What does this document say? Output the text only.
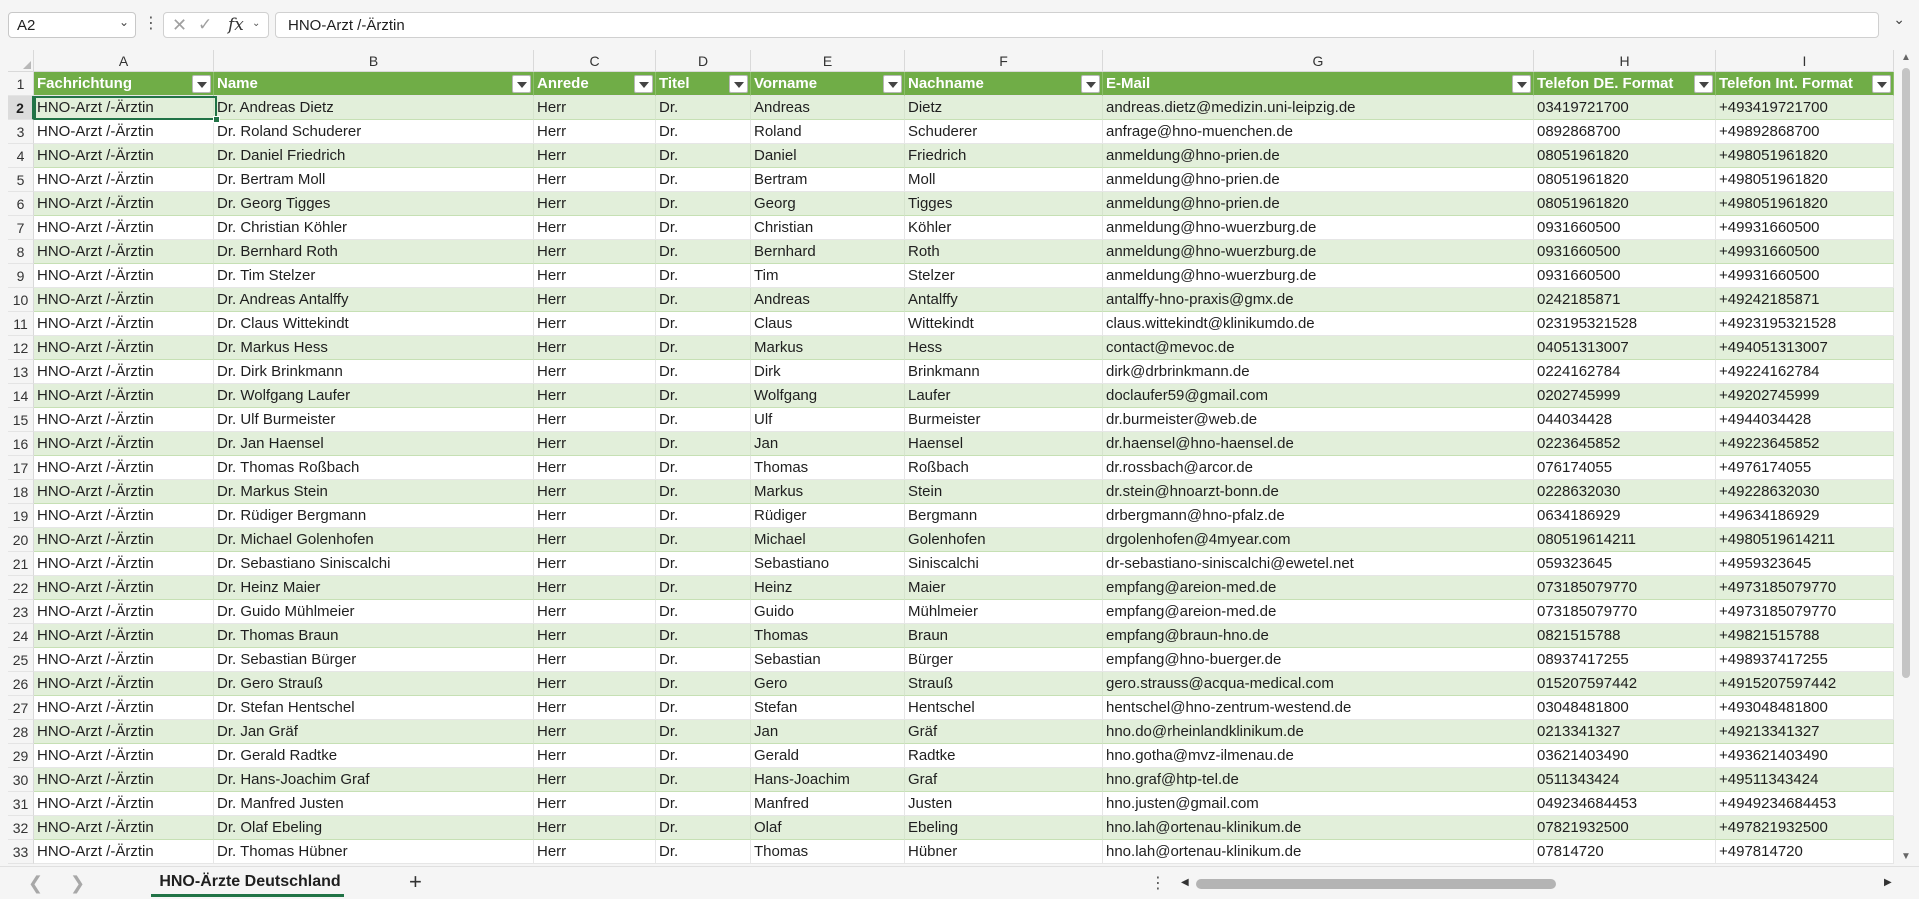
A2	⌄ ⋮ ✕ ✓ fx ⌄	HNO-Arzt /-Ärztin	⌄
A	B	C	D	E	F	G	H	I
1
2
3
4
5
6
7
8
9
10
11
12
13
14
15
16
17
18
19
20
21
22
23
24
25
26
27
28
29
30
31
32
33
Fachrichtung	Name	Anrede	Titel	Vorname	Nachname	E-Mail	Telefon DE. Format	Telefon Int. Format
HNO-Arzt /-Ärztin	Dr. Andreas Dietz	Herr	Dr.	Andreas	Dietz	andreas.dietz@medizin.uni-leipzig.de	03419721700	+493419721700
HNO-Arzt /-Ärztin	Dr. Roland Schuderer	Herr	Dr.	Roland	Schuderer	anfrage@hno-muenchen.de	0892868700	+49892868700
HNO-Arzt /-Ärztin	Dr. Daniel Friedrich	Herr	Dr.	Daniel	Friedrich	anmeldung@hno-prien.de	08051961820	+498051961820
HNO-Arzt /-Ärztin	Dr. Bertram Moll	Herr	Dr.	Bertram	Moll	anmeldung@hno-prien.de	08051961820	+498051961820
HNO-Arzt /-Ärztin	Dr. Georg Tigges	Herr	Dr.	Georg	Tigges	anmeldung@hno-prien.de	08051961820	+498051961820
HNO-Arzt /-Ärztin	Dr. Christian Köhler	Herr	Dr.	Christian	Köhler	anmeldung@hno-wuerzburg.de	0931660500	+49931660500
HNO-Arzt /-Ärztin	Dr. Bernhard Roth	Herr	Dr.	Bernhard	Roth	anmeldung@hno-wuerzburg.de	0931660500	+49931660500
HNO-Arzt /-Ärztin	Dr. Tim Stelzer	Herr	Dr.	Tim	Stelzer	anmeldung@hno-wuerzburg.de	0931660500	+49931660500
HNO-Arzt /-Ärztin	Dr. Andreas Antalffy	Herr	Dr.	Andreas	Antalffy	antalffy-hno-praxis@gmx.de	0242185871	+49242185871
HNO-Arzt /-Ärztin	Dr. Claus Wittekindt	Herr	Dr.	Claus	Wittekindt	claus.wittekindt@klinikumdo.de	023195321528	+4923195321528
HNO-Arzt /-Ärztin	Dr. Markus Hess	Herr	Dr.	Markus	Hess	contact@mevoc.de	04051313007	+494051313007
HNO-Arzt /-Ärztin	Dr. Dirk Brinkmann	Herr	Dr.	Dirk	Brinkmann	dirk@drbrinkmann.de	0224162784	+49224162784
HNO-Arzt /-Ärztin	Dr. Wolfgang Laufer	Herr	Dr.	Wolfgang	Laufer	doclaufer59@gmail.com	0202745999	+49202745999
HNO-Arzt /-Ärztin	Dr. Ulf Burmeister	Herr	Dr.	Ulf	Burmeister	dr.burmeister@web.de	044034428	+4944034428
HNO-Arzt /-Ärztin	Dr. Jan Haensel	Herr	Dr.	Jan	Haensel	dr.haensel@hno-haensel.de	0223645852	+49223645852
HNO-Arzt /-Ärztin	Dr. Thomas Roßbach	Herr	Dr.	Thomas	Roßbach	dr.rossbach@arcor.de	076174055	+4976174055
HNO-Arzt /-Ärztin	Dr. Markus Stein	Herr	Dr.	Markus	Stein	dr.stein@hnoarzt-bonn.de	0228632030	+49228632030
HNO-Arzt /-Ärztin	Dr. Rüdiger Bergmann	Herr	Dr.	Rüdiger	Bergmann	drbergmann@hno-pfalz.de	0634186929	+49634186929
HNO-Arzt /-Ärztin	Dr. Michael Golenhofen	Herr	Dr.	Michael	Golenhofen	drgolenhofen@4myear.com	080519614211	+4980519614211
HNO-Arzt /-Ärztin	Dr. Sebastiano Siniscalchi	Herr	Dr.	Sebastiano	Siniscalchi	dr-sebastiano-siniscalchi@ewetel.net	059323645	+4959323645
HNO-Arzt /-Ärztin	Dr. Heinz Maier	Herr	Dr.	Heinz	Maier	empfang@areion-med.de	073185079770	+4973185079770
HNO-Arzt /-Ärztin	Dr. Guido Mühlmeier	Herr	Dr.	Guido	Mühlmeier	empfang@areion-med.de	073185079770	+4973185079770
HNO-Arzt /-Ärztin	Dr. Thomas Braun	Herr	Dr.	Thomas	Braun	empfang@braun-hno.de	0821515788	+49821515788
HNO-Arzt /-Ärztin	Dr. Sebastian Bürger	Herr	Dr.	Sebastian	Bürger	empfang@hno-buerger.de	08937417255	+498937417255
HNO-Arzt /-Ärztin	Dr. Gero Strauß	Herr	Dr.	Gero	Strauß	gero.strauss@acqua-medical.com	015207597442	+4915207597442
HNO-Arzt /-Ärztin	Dr. Stefan Hentschel	Herr	Dr.	Stefan	Hentschel	hentschel@hno-zentrum-westend.de	03048481800	+493048481800
HNO-Arzt /-Ärztin	Dr. Jan Gräf	Herr	Dr.	Jan	Gräf	hno.do@rheinlandklinikum.de	0213341327	+49213341327
HNO-Arzt /-Ärztin	Dr. Gerald Radtke	Herr	Dr.	Gerald	Radtke	hno.gotha@mvz-ilmenau.de	03621403490	+493621403490
HNO-Arzt /-Ärztin	Dr. Hans-Joachim Graf	Herr	Dr.	Hans-Joachim	Graf	hno.graf@htp-tel.de	0511343424	+49511343424
HNO-Arzt /-Ärztin	Dr. Manfred Justen	Herr	Dr.	Manfred	Justen	hno.justen@gmail.com	049234684453	+4949234684453
HNO-Arzt /-Ärztin	Dr. Olaf Ebeling	Herr	Dr.	Olaf	Ebeling	hno.lah@ortenau-klinikum.de	07821932500	+497821932500
HNO-Arzt /-Ärztin	Dr. Thomas Hübner	Herr	Dr.	Thomas	Hübner	hno.lah@ortenau-klinikum.de	07814720	+497814720
▲
▼
❮ ❯	HNO-Ärzte Deutschland	+	⋮ ◀	▶
